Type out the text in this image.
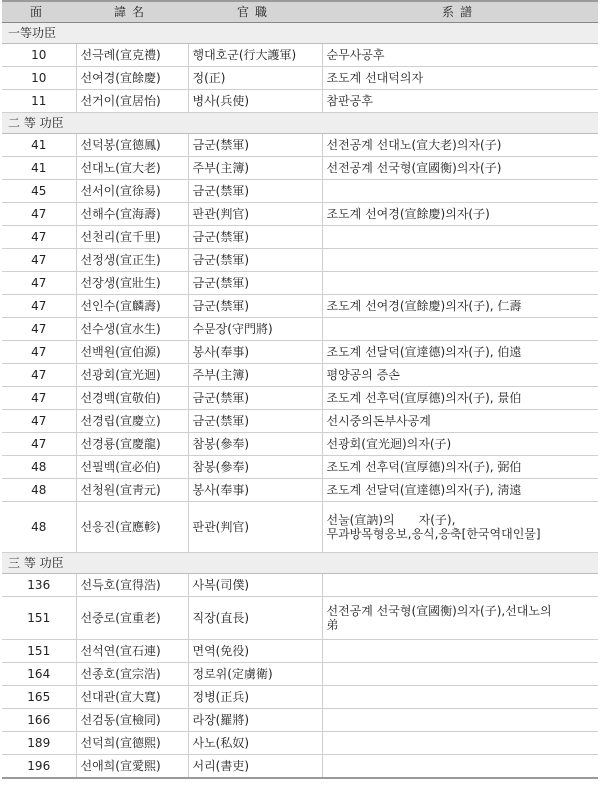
面	諱名	官職	系譜
一等功臣			
10	선극례(宣克禮)	행대호군(行大護軍)	순무사공후
10	선여경(宣餘慶)	정(正)	조도계 선대덕의자
11	선거이(宣居怡)	병사(兵使)	참판공후
二 等 功臣			
41	선덕봉(宣德鳳)	금군(禁軍)	선전공계 선대노(宣大老)의자(子)
41	선대노(宣大老)	주부(主簿)	선전공계 선국형(宣國衡)의자(子)
45	선서이(宣徐易)	금군(禁軍)	
47	선해수(宣海壽)	판관(判官)	조도계 선여경(宣餘慶)의자(子)
47	선천리(宣千里)	금군(禁軍)	
47	선정생(宣正生)	금군(禁軍)	
47	선장생(宣壯生)	금군(禁軍)	
47	선인수(宣麟壽)	금군(禁軍)	조도계 선여경(宣餘慶)의자(子), 仁壽
47	선수생(宣水生)	수문장(守門將)	
47	선백원(宣伯源)	봉사(奉事)	조도계 선달덕(宣達德)의자(子), 伯遠
47	선광회(宣光迴)	주부(主簿)	평양공의 증손
47	선경백(宣敬伯)	금군(禁軍)	조도계 선후덕(宣厚德)의자(子), 景伯
47	선경립(宣慶立)	금군(禁軍)	선시중의돈부사공계
47	선경룡(宣慶龍)	참봉(參奉)	선광회(宣光迴)의자(子)
48	선필백(宣必伯)	참봉(參奉)	조도계 선후덕(宣厚德)의자(子), 弼伯
48	선청원(宣靑元)	봉사(奉事)	조도계 선달덕(宣達德)의자(子), 淸遠
48	선응진(宣應軫)	판관(判官)	선눌(宣訥)의　　자(子),
무과방목형응보,응식,응축[한국역대인물]

三 等 功臣			
136	선득호(宣得浩)	사복(司僕)	
151	선중로(宣重老)	직장(直長)	선전공계 선국형(宣國衡)의자(子),선대노의
弟

151	선석연(宣石連)	면역(免役)	
164	선종호(宣宗浩)	정로위(定虜衛)	
165	선대관(宣大寬)	정병(正兵)	
166	선검동(宣檢同)	라장(羅將)	
189	선덕희(宣德熙)	사노(私奴)	
196	선애희(宣愛熙)	서리(書吏)	
